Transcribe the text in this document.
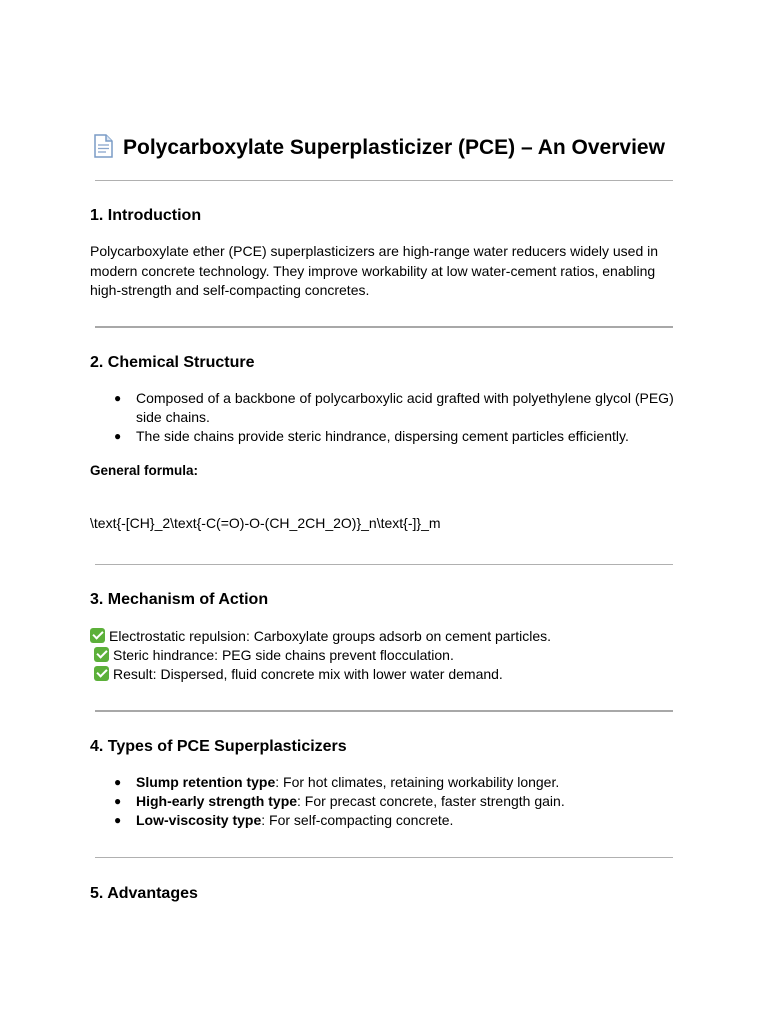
Polycarboxylate Superplasticizer (PCE) – An Overview
1. Introduction

Polycarboxylate ether (PCE) superplasticizers are high-range water reducers widely used in modern concrete technology. They improve workability at low water-cement ratios, enabling high-strength and self-compacting concretes.

2. Chemical Structure
● Composed of a backbone of polycarboxylic acid grafted with polyethylene glycol (PEG) side chains.
● The side chains provide steric hindrance, dispersing cement particles efficiently.

General formula:

\text{-[CH}_2\text{-C(=O)-O-(CH_2CH_2O)}_n\text{-]}_m

3. Mechanism of Action
Electrostatic repulsion: Carboxylate groups adsorb on cement particles.
Steric hindrance: PEG side chains prevent flocculation.
Result: Dispersed, fluid concrete mix with lower water demand.
4. Types of PCE Superplasticizers
● Slump retention type: For hot climates, retaining workability longer.
● High-early strength type: For precast concrete, faster strength gain.
● Low-viscosity type: For self-compacting concrete.
5. Advantages
